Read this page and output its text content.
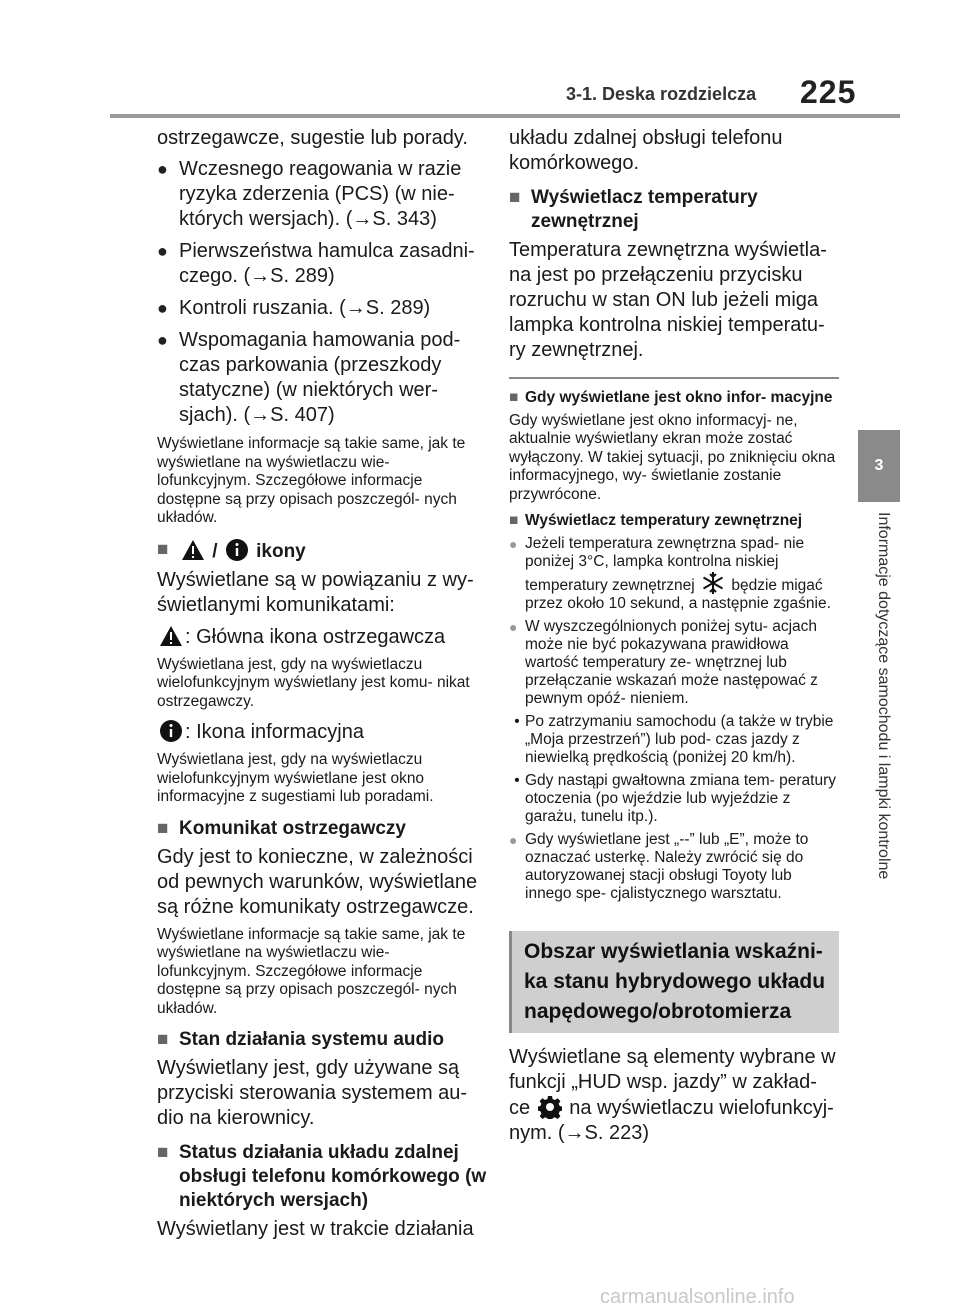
3-1. Deska rozdzielcza 225
3
Informacje dotyczące samochodu i lampki kontrolne

ostrzegawcze, sugestie lub porady.

● Wczesnego reagowania w razie ryzyka zderzenia (PCS) (w nie- których wersjach). (→S. 343)
● Pierwszeństwa hamulca zasadni- czego. (→S. 289)
● Kontroli ruszania. (→S. 289)
● Wspomagania hamowania pod- czas parkowania (przeszkody statyczne) (w niektórych wer- sjach). (→S. 407)

Wyświetlane informacje są takie same, jak te wyświetlane na wyświetlaczu wie- lofunkcyjnym. Szczegółowe informacje dostępne są przy opisach poszczegól- nych układów.

■	/ ikony

Wyświetlane są w powiązaniu z wy- świetlanymi komunikatami:

: Główna ikona ostrzegawcza

Wyświetlana jest, gdy na wyświetlaczu wielofunkcyjnym wyświetlany jest komu- nikat ostrzegawczy.

: Ikona informacyjna

Wyświetlana jest, gdy na wyświetlaczu wielofunkcyjnym wyświetlane jest okno informacyjne z sugestiami lub poradami.

■ Komunikat ostrzegawczy

Gdy jest to konieczne, w zależności od pewnych warunków, wyświetlane są różne komunikaty ostrzegawcze.

Wyświetlane informacje są takie same, jak te wyświetlane na wyświetlaczu wie- lofunkcyjnym. Szczegółowe informacje dostępne są przy opisach poszczegól- nych układów.

■ Stan działania systemu audio

Wyświetlany jest, gdy używane są przyciski sterowania systemem au- dio na kierownicy.

■ Status działania układu zdalnej obsługi telefonu komórkowego (w niektórych wersjach)

Wyświetlany jest w trakcie działania

układu zdalnej obsługi telefonu komórkowego.

■ Wyświetlacz temperatury zewnętrznej

Temperatura zewnętrzna wyświetla- na jest po przełączeniu przycisku rozruchu w stan ON lub jeżeli miga lampka kontrolna niskiej temperatu- ry zewnętrznej.

■ Gdy wyświetlane jest okno infor- macyjne

Gdy wyświetlane jest okno informacyj- ne, aktualnie wyświetlany ekran może zostać wyłączony. W takiej sytuacji, po zniknięciu okna informacyjnego, wy- świetlanie zostanie przywrócone.

■ Wyświetlacz temperatury zewnętrznej
● Jeżeli temperatura zewnętrzna spad- nie poniżej 3°C, lampka kontrolna niskiej temperatury zewnętrznej będzie migać przez około 10 sekund, a następnie zgaśnie.
● W wyszczególnionych poniżej sytu- acjach może nie być pokazywana prawidłowa wartość temperatury ze- wnętrznej lub przełączanie wskazań może następować z pewnym opóź- nieniem.
• Po zatrzymaniu samochodu (a także w trybie „Moja przestrzeń”) lub pod- czas jazdy z niewielką prędkością (poniżej 20 km/h).
• Gdy nastąpi gwałtowna zmiana tem- peratury otoczenia (po wjeździe lub wyjeździe z garażu, tunelu itp.).
● Gdy wyświetlane jest „--” lub „E”, może to oznaczać usterkę. Należy zwrócić się do autoryzowanej stacji obsługi Toyoty lub innego spe- cjalistycznego warsztatu.
Obszar wyświetlania wskaźni- ka stanu hybrydowego układu napędowego/obrotomierza
Wyświetlane są elementy wybrane w funkcji „HUD wsp. jazdy” w zakład- ce na wyświetlaczu wielofunkcyj- nym. (→S. 223)
carmanualsonline.info
